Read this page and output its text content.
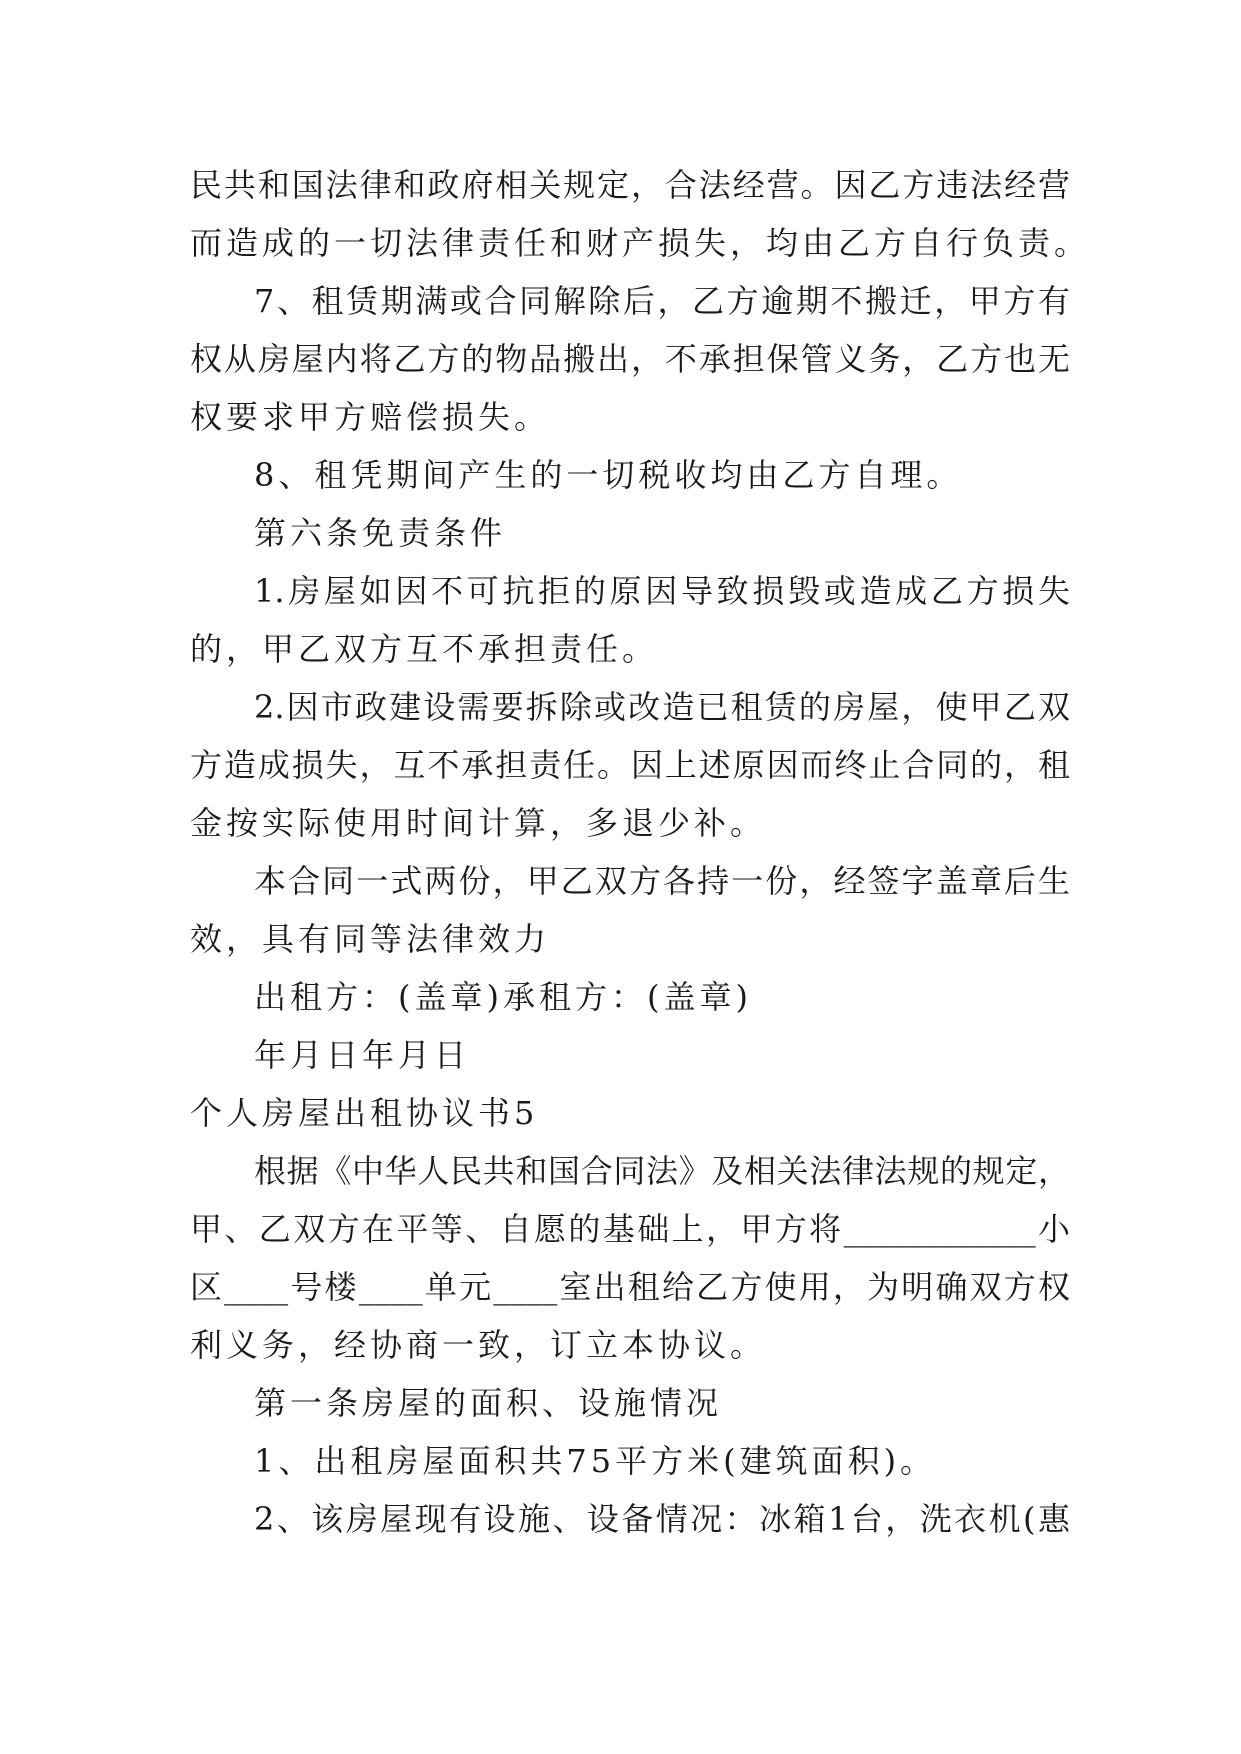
民共和国法律和政府相关规定，合法经营。因乙方违法经营
而造成的一切法律责任和财产损失，均由乙方自行负责。
7、租赁期满或合同解除后，乙方逾期不搬迁，甲方有
权从房屋内将乙方的物品搬出，不承担保管义务，乙方也无
权要求甲方赔偿损失。
8、租凭期间产生的一切税收均由乙方自理。
第六条免责条件
1.房屋如因不可抗拒的原因导致损毁或造成乙方损失
的，甲乙双方互不承担责任。
2.因市政建设需要拆除或改造已租赁的房屋，使甲乙双
方造成损失，互不承担责任。因上述原因而终止合同的，租
金按实际使用时间计算，多退少补。
本合同一式两份，甲乙双方各持一份，经签字盖章后生
效，具有同等法律效力
出租方：(盖章)承租方：(盖章)
年月日年月日
个人房屋出租协议书5
根据《中华人民共和国合同法》及相关法律法规的规定，
甲、乙双方在平等、自愿的基础上，甲方将____________小
区____号楼____单元____室出租给乙方使用，为明确双方权
利义务，经协商一致，订立本协议。
第一条房屋的面积、设施情况
1、出租房屋面积共75平方米(建筑面积)。
2、该房屋现有设施、设备情况：冰箱1台，洗衣机(惠
